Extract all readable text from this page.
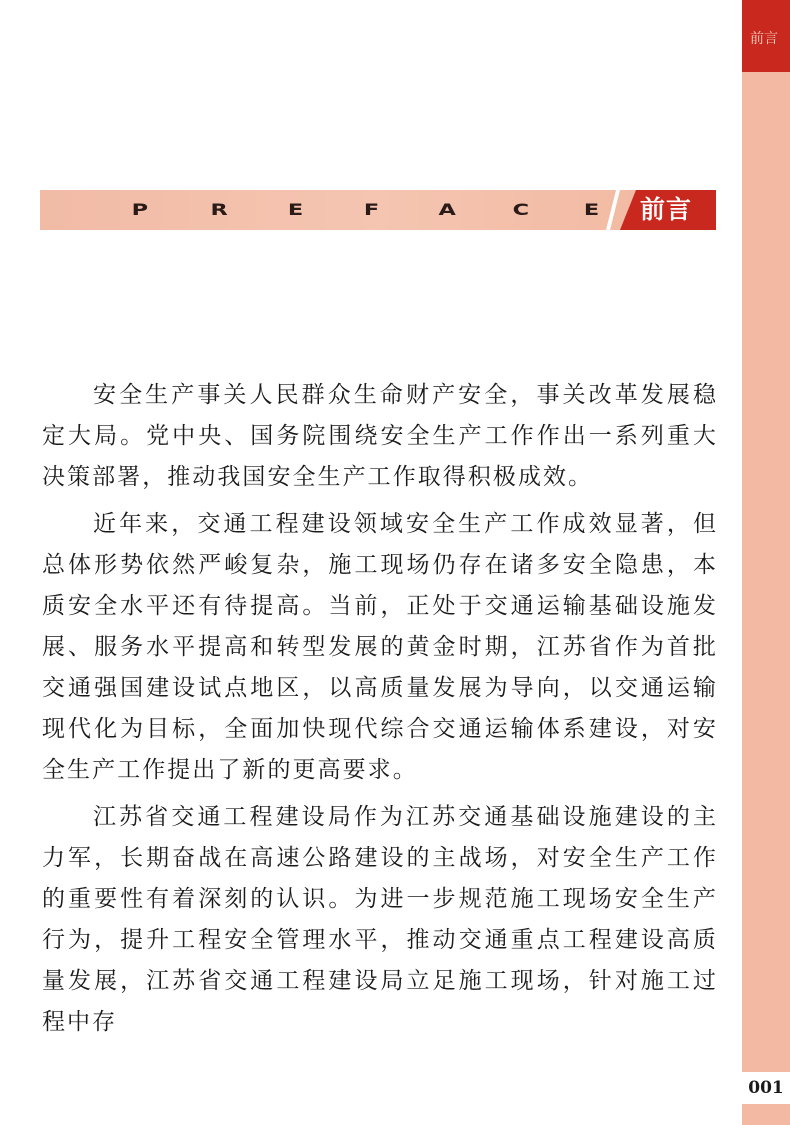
前言
001
P	R	E	F	A	C	E 前言

安全生产事关人民群众生命财产安全，事关改革发展稳定大局。党中央、国务院围绕安全生产工作作出一系列重大决策部署，推动我国安全生产工作取得积极成效。

近年来，交通工程建设领域安全生产工作成效显著，但总体形势依然严峻复杂，施工现场仍存在诸多安全隐患，本质安全水平还有待提高。当前，正处于交通运输基础设施发展、服务水平提高和转型发展的黄金时期，江苏省作为首批交通强国建设试点地区，以高质量发展为导向，以交通运输现代化为目标，全面加快现代综合交通运输体系建设，对安全生产工作提出了新的更高要求。

江苏省交通工程建设局作为江苏交通基础设施建设的主力军，长期奋战在高速公路建设的主战场，对安全生产工作的重要性有着深刻的认识。为进一步规范施工现场安全生产行为，提升工程安全管理水平，推动交通重点工程建设高质量发展，江苏省交通工程建设局立足施工现场，针对施工过程中存
